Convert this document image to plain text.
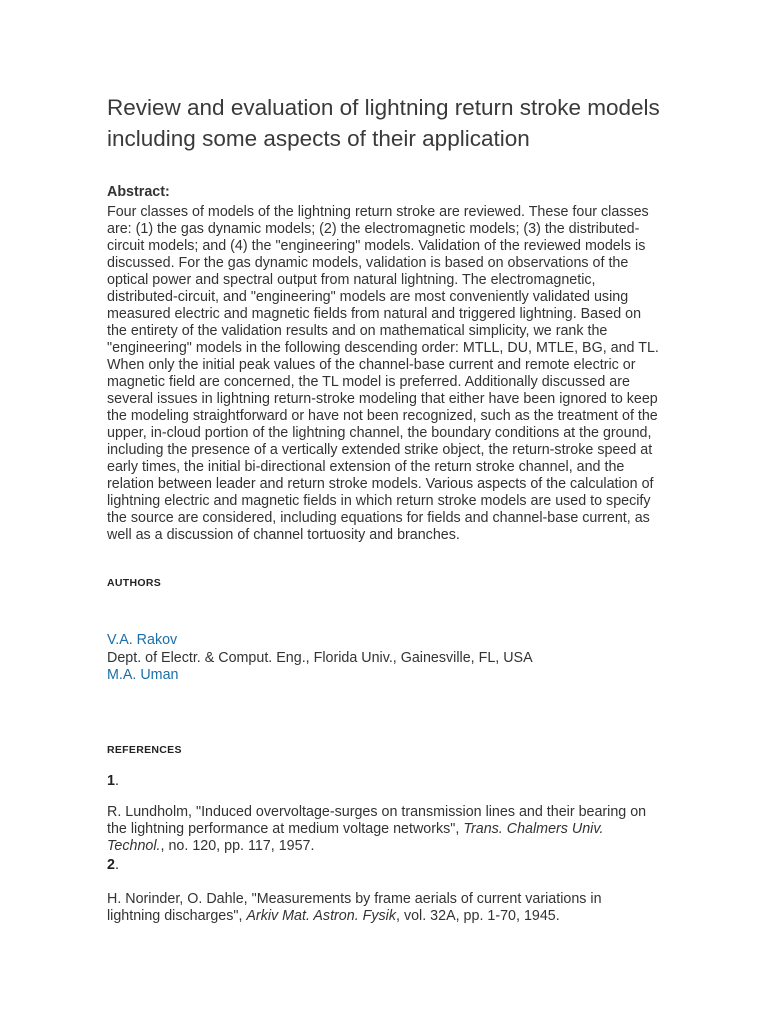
Review and evaluation of lightning return stroke models including some aspects of their application
Abstract:

Four classes of models of the lightning return stroke are reviewed. These four classes are: (1) the gas dynamic models; (2) the electromagnetic models; (3) the distributed-circuit models; and (4) the "engineering" models. Validation of the reviewed models is discussed. For the gas dynamic models, validation is based on observations of the optical power and spectral output from natural lightning. The electromagnetic, distributed-circuit, and "engineering" models are most conveniently validated using measured electric and magnetic fields from natural and triggered lightning. Based on the entirety of the validation results and on mathematical simplicity, we rank the "engineering" models in the following descending order: MTLL, DU, MTLE, BG, and TL. When only the initial peak values of the channel-base current and remote electric or magnetic field are concerned, the TL model is preferred. Additionally discussed are several issues in lightning return-stroke modeling that either have been ignored to keep the modeling straightforward or have not been recognized, such as the treatment of the upper, in-cloud portion of the lightning channel, the boundary conditions at the ground, including the presence of a vertically extended strike object, the return-stroke speed at early times, the initial bi-directional extension of the return stroke channel, and the relation between leader and return stroke models. Various aspects of the calculation of lightning electric and magnetic fields in which return stroke models are used to specify the source are considered, including equations for fields and channel-base current, as well as a discussion of channel tortuosity and branches.

AUTHORS
V.A. Rakov
Dept. of Electr. & Comput. Eng., Florida Univ., Gainesville, FL, USA
M.A. Uman
REFERENCES
1.

R. Lundholm, "Induced overvoltage-surges on transmission lines and their bearing on the lightning performance at medium voltage networks", Trans. Chalmers Univ. Technol., no. 120, pp. 117, 1957.

2.

H. Norinder, O. Dahle, "Measurements by frame aerials of current variations in lightning discharges", Arkiv Mat. Astron. Fysik, vol. 32A, pp. 1-70, 1945.
